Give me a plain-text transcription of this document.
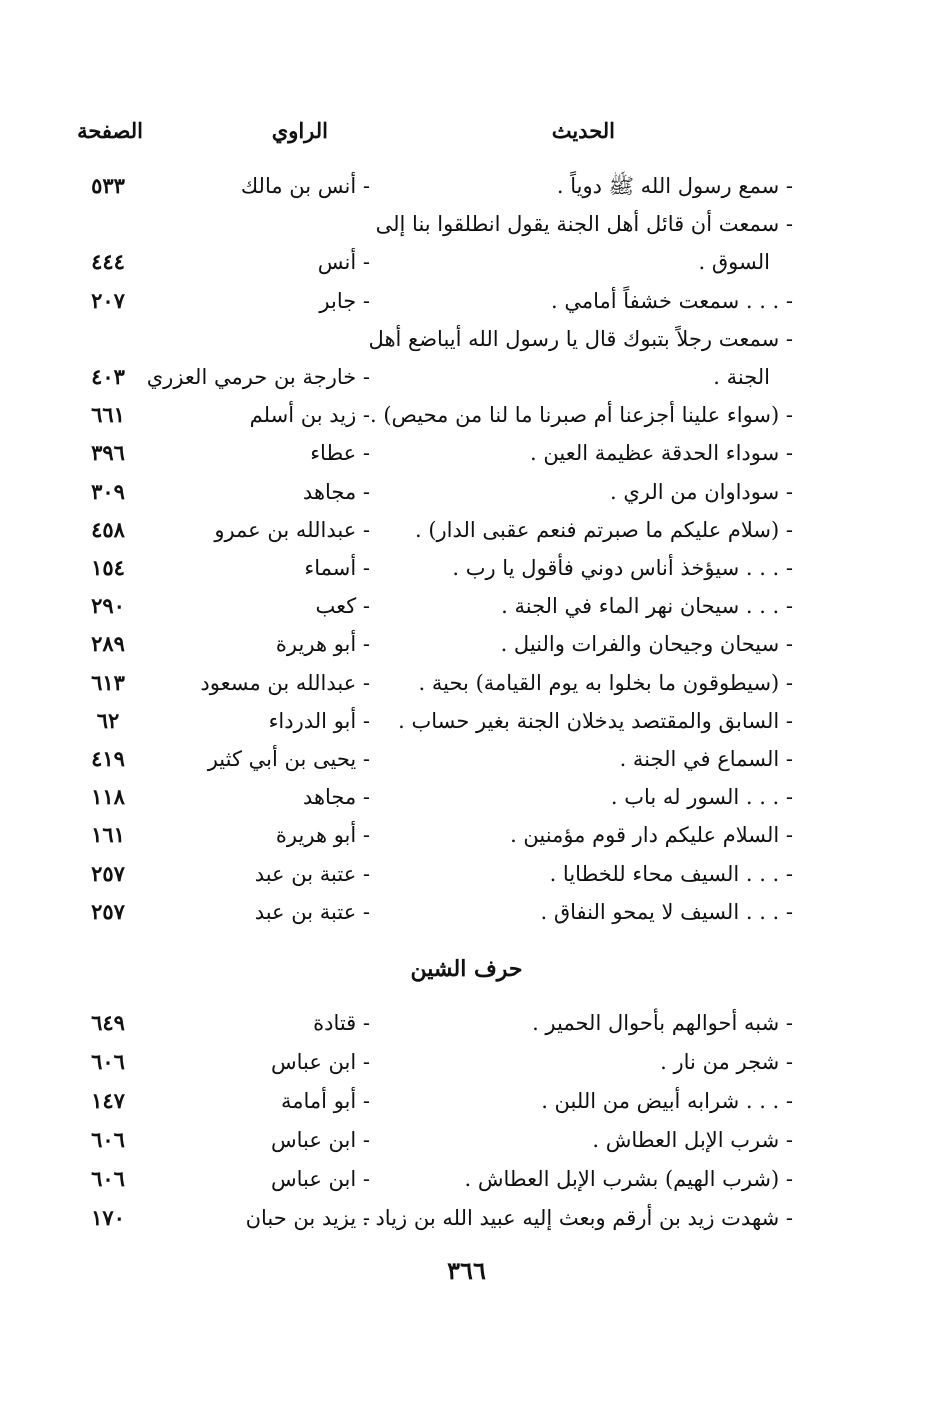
الحديث
الراوي
الصفحة
- سمع رسول الله ﷺ دوياً .
- أنس بن مالك
٥٣٣
- سمعت أن قائل أهل الجنة يقول انطلقوا بنا إلى
السوق .
- أنس
٤٤٤
- . . . سمعت خشفاً أمامي .
- جابر
٢٠٧
- سمعت رجلاً بتبوك قال يا رسول الله أيباضع أهل
الجنة .
- خارجة بن حرمي العزري
٤٠٣
- (سواء علينا أجزعنا أم صبرنا ما لنا من محيص) .
- زيد بن أسلم
٦٦١
- سوداء الحدقة عظيمة العين .
- عطاء
٣٩٦
- سوداوان من الري .
- مجاهد
٣٠٩
- (سلام عليكم ما صبرتم فنعم عقبى الدار) .
- عبدالله بن عمرو
٤٥٨
- . . . سيؤخذ أناس دوني فأقول يا رب .
- أسماء
١٥٤
- . . . سيحان نهر الماء في الجنة .
- كعب
٢٩٠
- سيحان وجيحان والفرات والنيل .
- أبو هريرة
٢٨٩
- (سيطوقون ما بخلوا به يوم القيامة) بحية .
- عبدالله بن مسعود
٦١٣
- السابق والمقتصد يدخلان الجنة بغير حساب .
- أبو الدرداء
٦٢
- السماع في الجنة .
- يحيى بن أبي كثير
٤١٩
- . . . السور له باب .
- مجاهد
١١٨
- السلام عليكم دار قوم مؤمنين .
- أبو هريرة
١٦١
- . . . السيف محاء للخطايا .
- عتبة بن عبد
٢٥٧
- . . . السيف لا يمحو النفاق .
- عتبة بن عبد
٢٥٧
حرف الشين
- شبه أحوالهم بأحوال الحمير .
- قتادة
٦٤٩
- شجر من نار .
- ابن عباس
٦٠٦
- . . . شرابه أبيض من اللبن .
- أبو أمامة
١٤٧
- شرب الإبل العطاش .
- ابن عباس
٦٠٦
- (شرب الهيم) بشرب الإبل العطاش .
- ابن عباس
٦٠٦
- شهدت زيد بن أرقم وبعث إليه عبيد الله بن زياد .
- يزيد بن حبان
١٧٠
٣٦٦
